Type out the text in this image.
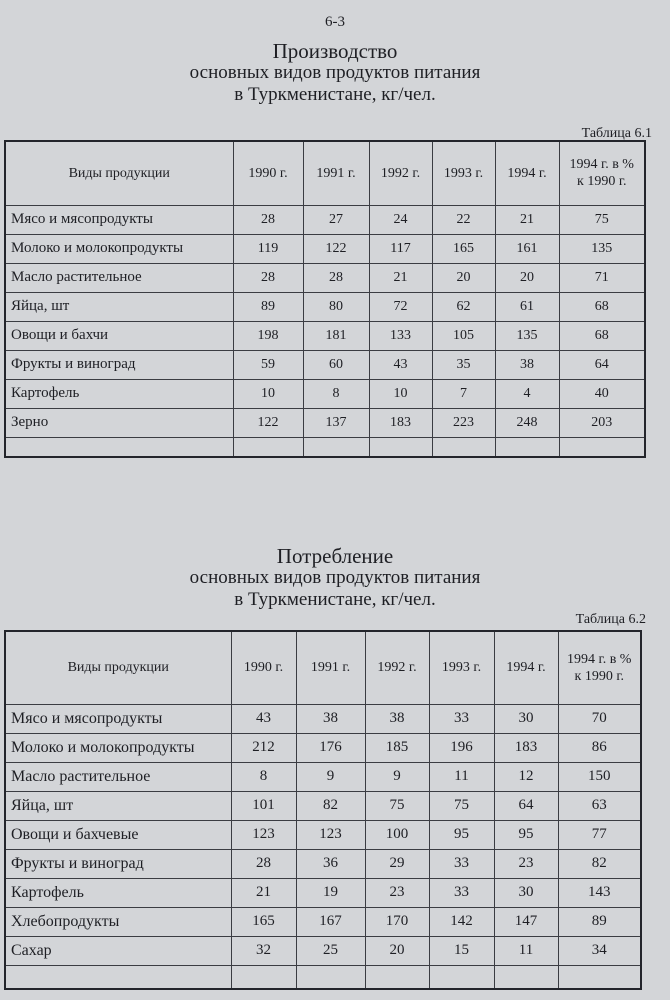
6-3
Производство
основных видов продуктов питания
в Туркменистане, кг/чел.
Таблица 6.1
Виды продукции	1990 г.	1991 г.	1992 г.	1993 г.	1994 г.	1994 г. в %
к 1990 г.
Мясо и мясопродукты	28	27	24	22	21	75
Молоко и молокопродукты	119	122	117	165	161	135
Масло растительное	28	28	21	20	20	71
Яйца, шт	89	80	72	62	61	68
Овощи и бахчи	198	181	133	105	135	68
Фрукты и виноград	59	60	43	35	38	64
Картофель	10	8	10	7	4	40
Зерно	122	137	183	223	248	203

Потребление
основных видов продуктов питания
в Туркменистане, кг/чел.
Таблица 6.2
Виды продукции	1990 г.	1991 г.	1992 г.	1993 г.	1994 г.	1994 г. в %
к 1990 г.
Мясо и мясопродукты	43	38	38	33	30	70
Молоко и молокопродукты	212	176	185	196	183	86
Масло растительное	8	9	9	11	12	150
Яйца, шт	101	82	75	75	64	63
Овощи и бахчевые	123	123	100	95	95	77
Фрукты и виноград	28	36	29	33	23	82
Картофель	21	19	23	33	30	143
Хлебопродукты	165	167	170	142	147	89
Сахар	32	25	20	15	11	34
